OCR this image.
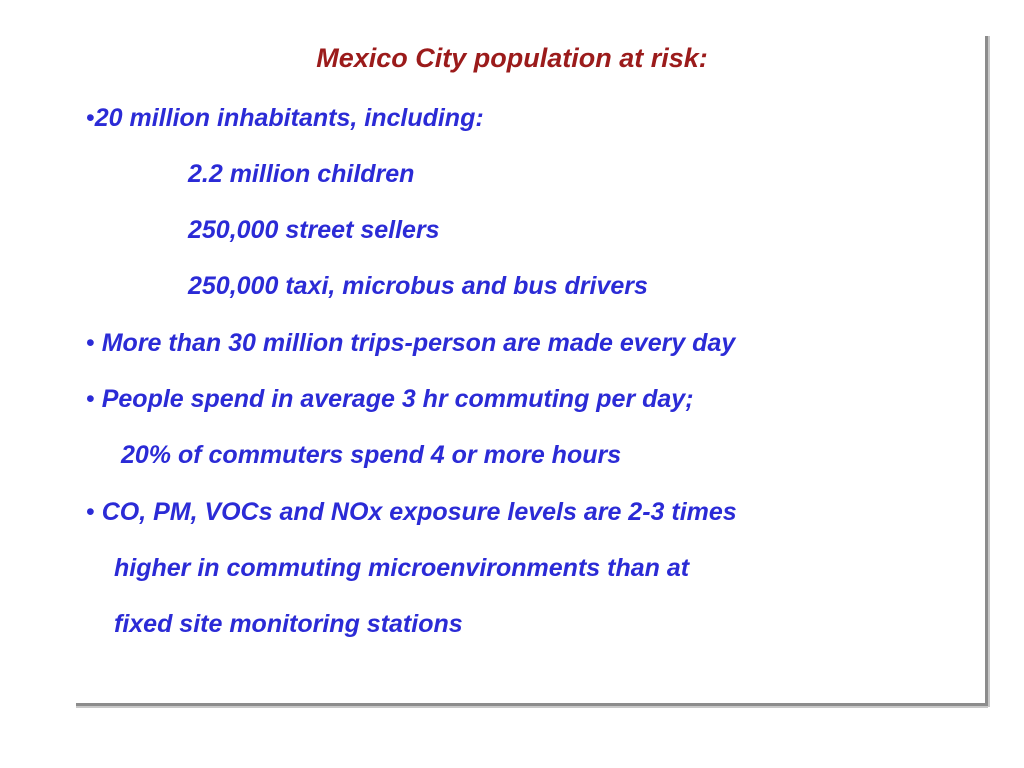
Mexico City population at risk:
•20 million inhabitants, including:
2.2 million children
250,000 street sellers
250,000 taxi, microbus and bus drivers
• More than 30 million trips-person are made every day
• People spend in average 3 hr commuting per day;
20% of commuters spend 4 or more hours
• CO, PM, VOCs and NOx exposure levels are 2-3 times
higher in commuting microenvironments than at
fixed site monitoring stations
